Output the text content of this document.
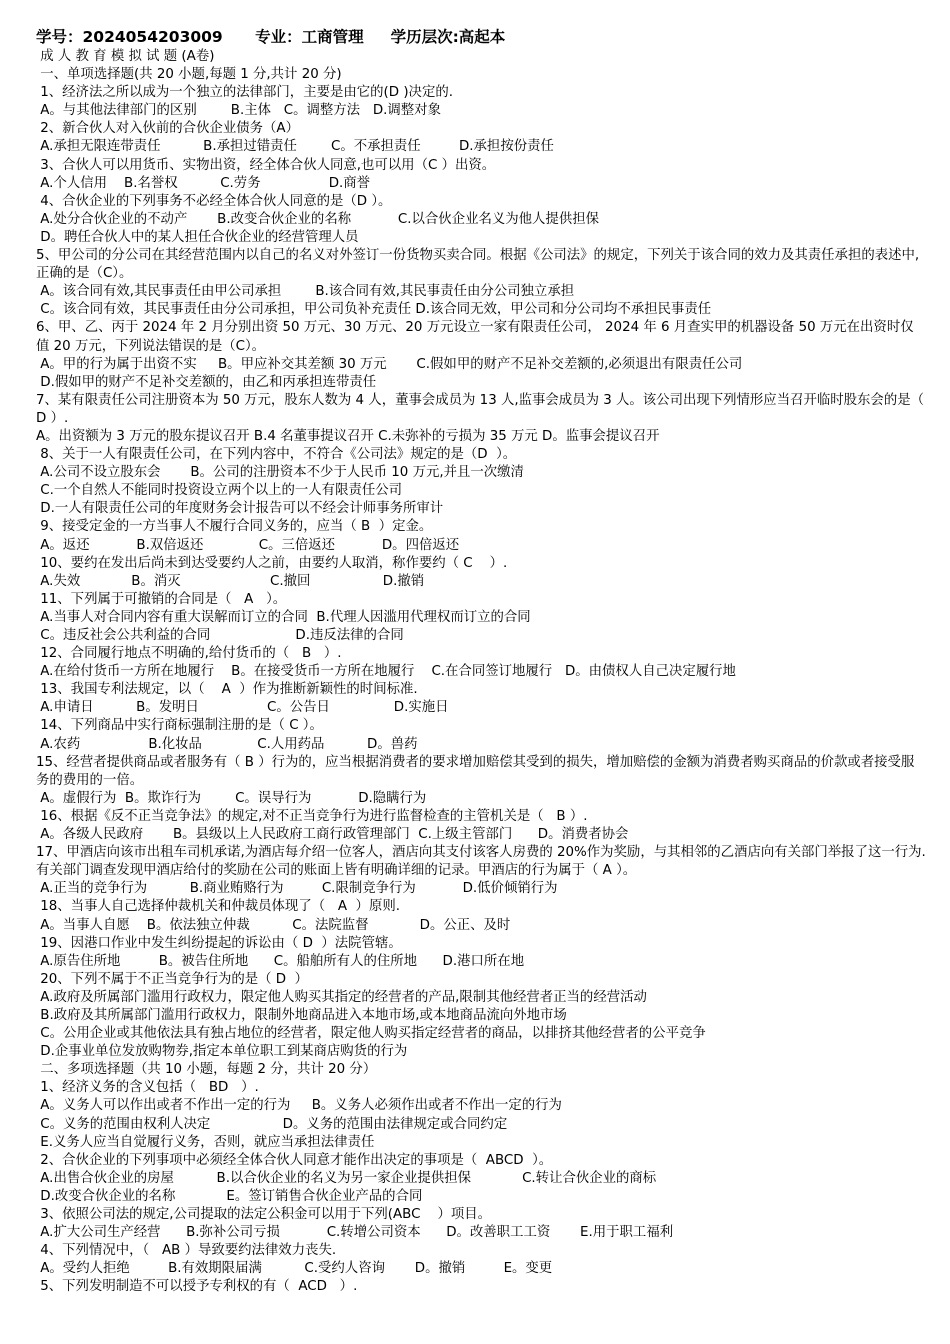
学号：2024054203009      专业：工商管理     学历层次:高起本
成 人 教 育 模 拟 试 题 (A卷)
一、单项选择题(共 20 小题,每题 1 分,共计 20 分)
1、经济法之所以成为一个独立的法律部门，主要是由它的(D )决定的.
A。与其他法律部门的区别        B.主体   C。调整方法   D.调整对象
2、新合伙人对入伙前的合伙企业债务（A）
A.承担无限连带责任          B.承担过错责任        C。不承担责任         D.承担按份责任
3、合伙人可以用货币、实物出资，经全体合伙人同意,也可以用（C ）出资。
A.个人信用    B.名誉权          C.劳务                D.商誉
4、合伙企业的下列事务不必经全体合伙人同意的是（D ）。
A.处分合伙企业的不动产       B.改变合伙企业的名称           C.以合伙企业名义为他人提供担保
D。聘任合伙人中的某人担任合伙企业的经营管理人员
5、甲公司的分公司在其经营范围内以自己的名义对外签订一份货物买卖合同。根据《公司法》的规定，下列关于该合同的效力及其责任承担的表述中,正确的是（C）。
A。该合同有效,其民事责任由甲公司承担        B.该合同有效,其民事责任由分公司独立承担
C。该合同有效，其民事责任由分公司承担，甲公司负补充责任 D.该合同无效，甲公司和分公司均不承担民事责任
6、甲、乙、丙于 2024 年 2 月分别出资 50 万元、30 万元、20 万元设立一家有限责任公司， 2024 年 6 月查实甲的机器设备 50 万元在出资时仅值 20 万元，下列说法错误的是（C）。
A。甲的行为属于出资不实     B。甲应补交其差额 30 万元       C.假如甲的财产不足补交差额的,必须退出有限责任公司
D.假如甲的财产不足补交差额的，由乙和丙承担连带责任
7、某有限责任公司注册资本为 50 万元，股东人数为 4 人，董事会成员为 13 人,监事会成员为 3 人。该公司出现下列情形应当召开临时股东会的是（ D ）.
A。出资额为 3 万元的股东提议召开 B.4 名董事提议召开 C.未弥补的亏损为 35 万元 D。监事会提议召开
8、关于一人有限责任公司，在下列内容中，不符合《公司法》规定的是（D  ）。
A.公司不设立股东会       B。公司的注册资本不少于人民币 10 万元,并且一次缴清
C.一个自然人不能同时投资设立两个以上的一人有限责任公司
D.一人有限责任公司的年度财务会计报告可以不经会计师事务所审计
9、接受定金的一方当事人不履行合同义务的，应当（ B  ）定金。
A。返还           B.双倍返还             C。三倍返还           D。四倍返还
10、要约在发出后尚未到达受要约人之前，由要约人取消，称作要约（ C    ）.
A.失效            B。消灭                     C.撤回                 D.撤销
11、下列属于可撤销的合同是（   A   ）。
A.当事人对合同内容有重大误解而订立的合同  B.代理人因滥用代理权而订立的合同
C。违反社会公共利益的合同                    D.违反法律的合同
12、合同履行地点不明确的,给付货币的（   B   ）.
A.在给付货币一方所在地履行    B。在接受货币一方所在地履行    C.在合同签订地履行   D。由债权人自己决定履行地
13、我国专利法规定，以（    A  ）作为推断新颖性的时间标准.
A.申请日          B。发明日                C。公告日               D.实施日
14、下列商品中实行商标强制注册的是（ C ）。
A.农药                B.化妆品             C.人用药品          D。兽药
15、经营者提供商品或者服务有（ B ）行为的，应当根据消费者的要求增加赔偿其受到的损失，增加赔偿的金额为消费者购买商品的价款或者接受服务的费用的一倍。
A。虚假行为  B。欺诈行为        C。误导行为           D.隐瞒行为
16、根据《反不正当竞争法》的规定,对不正当竞争行为进行监督检查的主管机关是（   B ）.
A。各级人民政府       B。县级以上人民政府工商行政管理部门  C.上级主管部门      D。消费者协会
17、甲酒店向该市出租车司机承诺,为酒店每介绍一位客人，酒店向其支付该客人房费的 20%作为奖励，与其相邻的乙酒店向有关部门举报了这一行为.有关部门调查发现甲酒店给付的奖励在公司的账面上皆有明确详细的记录。甲酒店的行为属于（ A ）。
A.正当的竞争行为          B.商业贿赂行为         C.限制竞争行为           D.低价倾销行为
18、当事人自己选择仲裁机关和仲裁员体现了（   A  ）原则.
A。当事人自愿    B。依法独立仲裁          C。法院监督            D。公正、及时
19、因港口作业中发生纠纷提起的诉讼由（ D  ）法院管辖。
A.原告住所地         B。被告住所地      C。船舶所有人的住所地      D.港口所在地
20、下列不属于不正当竞争行为的是（ D  ）
A.政府及所属部门滥用行政权力，限定他人购买其指定的经营者的产品,限制其他经营者正当的经营活动
B.政府及其所属部门滥用行政权力，限制外地商品进入本地市场,或本地商品流向外地市场
C。公用企业或其他依法具有独占地位的经营者，限定他人购买指定经营者的商品，以排挤其他经营者的公平竞争
D.企事业单位发放购物券,指定本单位职工到某商店购货的行为
二、多项选择题（共 10 小题，每题 2 分，共计 20 分）
1、经济义务的含义包括（   BD   ）.
A。义务人可以作出或者不作出一定的行为     B。义务人必须作出或者不作出一定的行为
C。义务的范围由权利人决定                 D。义务的范围由法律规定或合同约定
E.义务人应当自觉履行义务，否则，就应当承担法律责任
2、合伙企业的下列事项中必须经全体合伙人同意才能作出决定的事项是（  ABCD  ）。
A.出售合伙企业的房屋          B.以合伙企业的名义为另一家企业提供担保            C.转让合伙企业的商标
D.改变合伙企业的名称            E。签订销售合伙企业产品的合同
3、依照公司法的规定,公司提取的法定公积金可以用于下列(ABC    ）项目。
A.扩大公司生产经营      B.弥补公司亏损           C.转增公司资本      D。改善职工工资       E.用于职工福利
4、下列情况中，（   AB ）导致要约法律效力丧失.
A。受约人拒绝         B.有效期限届满          C.受约人咨询       D。撤销         E。变更
5、下列发明制造不可以授予专利权的有（  ACD   ）.
